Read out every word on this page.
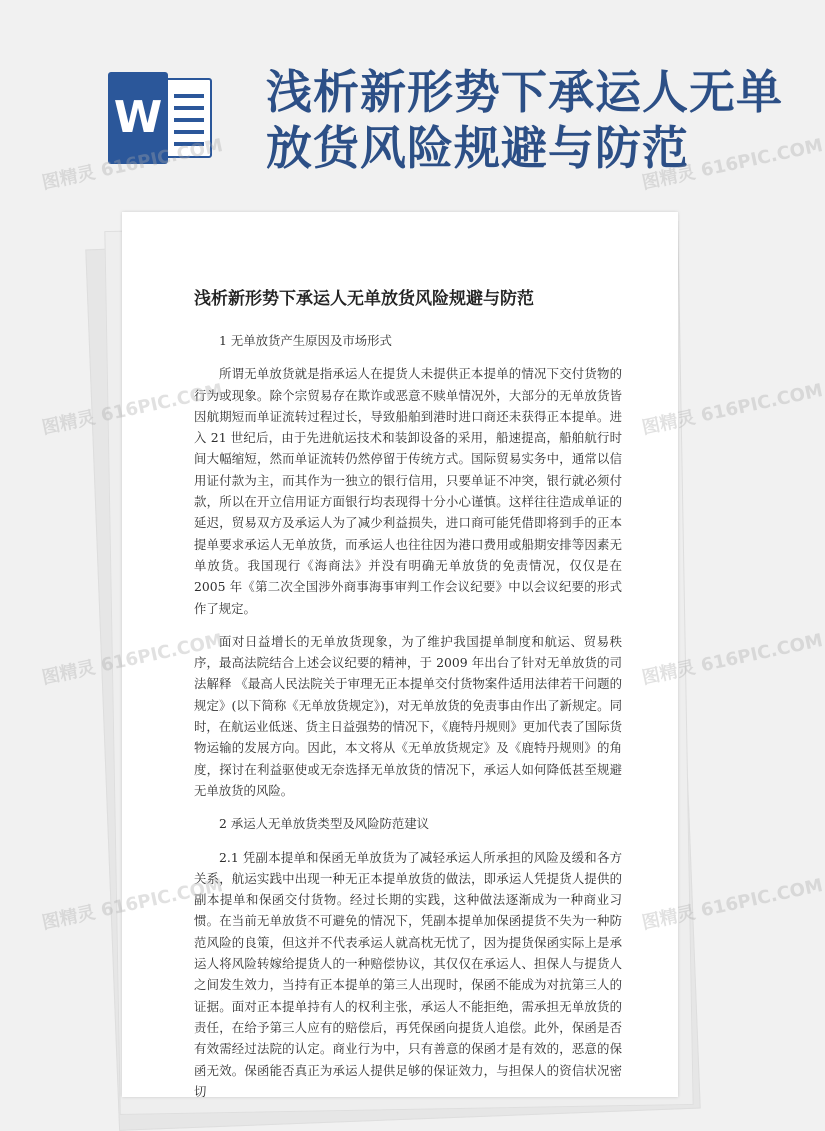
W 浅析新形势下承运人无单放货风险规避与防范
浅析新形势下承运人无单放货风险规避与防范

1 无单放货产生原因及市场形式

所谓无单放货就是指承运人在提货人未提供正本提单的情况下交付货物的行为或现象。除个宗贸易存在欺诈或恶意不赎单情况外，大部分的无单放货皆因航期短而单证流转过程过长，导致船舶到港时进口商还未获得正本提单。进入 21 世纪后，由于先进航运技术和装卸设备的采用，船速提高，船舶航行时间大幅缩短，然而单证流转仍然停留于传统方式。国际贸易实务中，通常以信用证付款为主，而其作为一独立的银行信用，只要单证不冲突，银行就必须付款，所以在开立信用证方面银行均表现得十分小心谨慎。这样往往造成单证的延迟，贸易双方及承运人为了减少利益损失，进口商可能凭借即将到手的正本提单要求承运人无单放货，而承运人也往往因为港口费用或船期安排等因素无单放货。我国现行《海商法》并没有明确无单放货的免责情况，仅仅是在 2005 年《第二次全国涉外商事海事审判工作会议纪要》中以会议纪要的形式作了规定。

面对日益增长的无单放货现象，为了维护我国提单制度和航运、贸易秩序，最高法院结合上述会议纪要的精神，于 2009 年出台了针对无单放货的司法解释 《最高人民法院关于审理无正本提单交付货物案件适用法律若干问题的规定》(以下简称《无单放货规定》)，对无单放货的免责事由作出了新规定。同时，在航运业低迷、货主日益强势的情况下，《鹿特丹规则》更加代表了国际货物运输的发展方向。因此，本文将从《无单放货规定》及《鹿特丹规则》的角度，探讨在利益驱使或无奈选择无单放货的情况下，承运人如何降低甚至规避无单放货的风险。

2 承运人无单放货类型及风险防范建议

2.1 凭副本提单和保函无单放货为了减轻承运人所承担的风险及缓和各方关系，航运实践中出现一种无正本提单放货的做法，即承运人凭提货人提供的副本提单和保函交付货物。经过长期的实践，这种做法逐渐成为一种商业习惯。在当前无单放货不可避免的情况下，凭副本提单加保函提货不失为一种防范风险的良策，但这并不代表承运人就高枕无忧了，因为提货保函实际上是承运人将风险转嫁给提货人的一种赔偿协议，其仅仅在承运人、担保人与提货人之间发生效力，当持有正本提单的第三人出现时，保函不能成为对抗第三人的证据。面对正本提单持有人的权利主张，承运人不能拒绝，需承担无单放货的责任，在给予第三人应有的赔偿后，再凭保函向提货人追偿。此外，保函是否有效需经过法院的认定。商业行为中，只有善意的保函才是有效的，恶意的保函无效。保函能否真正为承运人提供足够的保证效力，与担保人的资信状况密切

图精灵 616PIC.COM	图精灵 616PIC.COM
图精灵 616PIC.COM	图精灵 616PIC.COM
图精灵 616PIC.COM	图精灵 616PIC.COM
图精灵 616PIC.COM	图精灵 616PIC.COM
